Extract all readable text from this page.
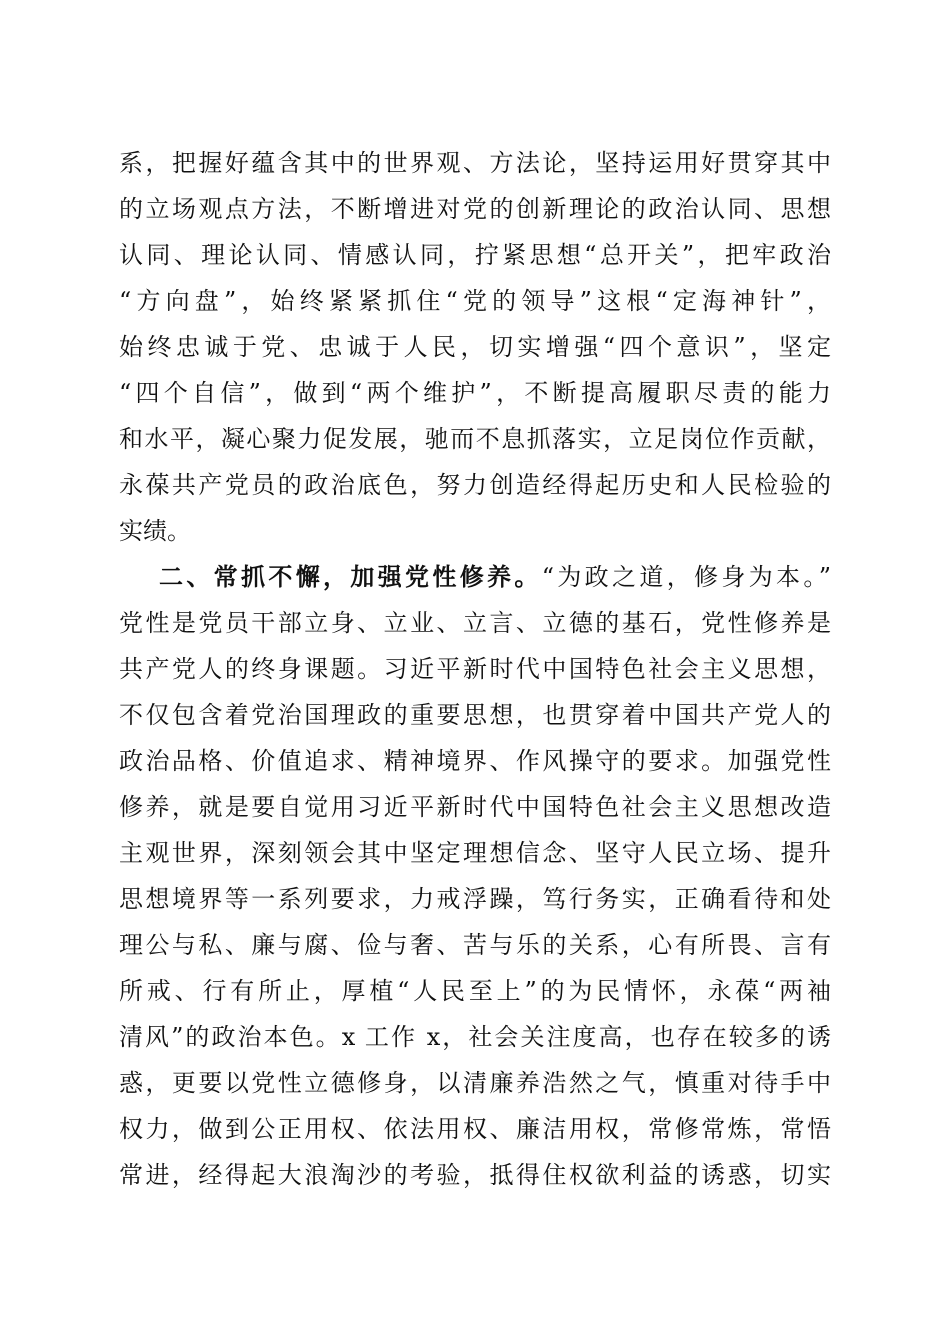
系，把握好蕴含其中的世界观、方法论，坚持运用好贯穿其中
的立场观点方法，不断增进对党的创新理论的政治认同、思想
认同、理论认同、情感认同，拧紧思想“总开关”，把牢政治
“方向盘”，始终紧紧抓住“党的领导”这根“定海神针”，
始终忠诚于党、忠诚于人民，切实增强“四个意识”，坚定
“四个自信”，做到“两个维护”，不断提高履职尽责的能力
和水平，凝心聚力促发展，驰而不息抓落实，立足岗位作贡献，
永葆共产党员的政治底色，努力创造经得起历史和人民检验的
实绩。
二、常抓不懈，加强党性修养。“为政之道，修身为本。”
党性是党员干部立身、立业、立言、立德的基石，党性修养是
共产党人的终身课题。习近平新时代中国特色社会主义思想，
不仅包含着党治国理政的重要思想，也贯穿着中国共产党人的
政治品格、价值追求、精神境界、作风操守的要求。加强党性
修养，就是要自觉用习近平新时代中国特色社会主义思想改造
主观世界，深刻领会其中坚定理想信念、坚守人民立场、提升
思想境界等一系列要求，力戒浮躁，笃行务实，正确看待和处
理公与私、廉与腐、俭与奢、苦与乐的关系，心有所畏、言有
所戒、行有所止，厚植“人民至上”的为民情怀，永葆“两袖
清风”的政治本色。x 工作 x，社会关注度高，也存在较多的诱
惑，更要以党性立德修身，以清廉养浩然之气，慎重对待手中
权力，做到公正用权、依法用权、廉洁用权，常修常炼，常悟
常进，经得起大浪淘沙的考验，抵得住权欲利益的诱惑，切实
